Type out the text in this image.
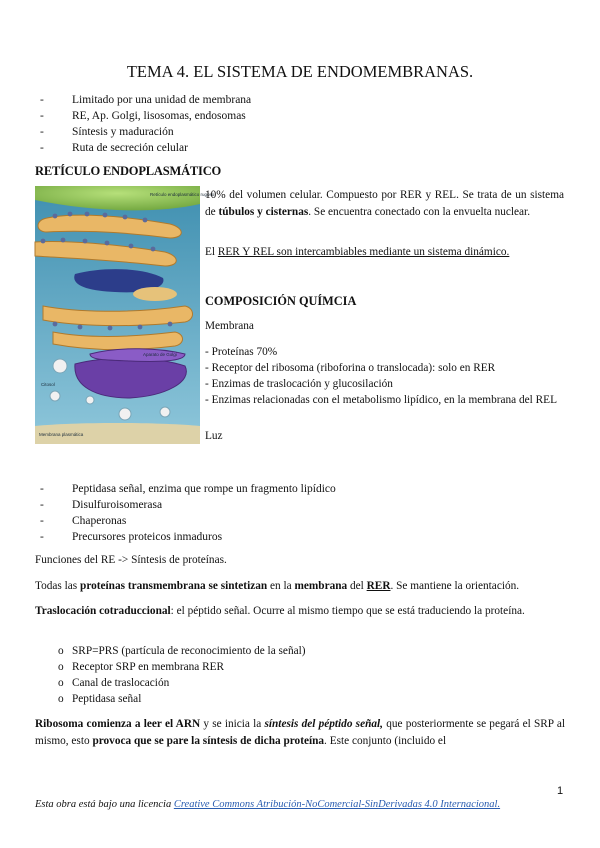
TEMA 4. EL SISTEMA DE ENDOMEMBRANAS.
- Limitado por una unidad de membrana
- RE, Ap. Golgi, lisosomas, endosomas
- Síntesis y maduración
- Ruta de secreción celular
RETÍCULO ENDOPLASMÁTICO
Retículo endoplasmático rugoso
Aparato de Golgi
Citosol
Membrana plasmática
10% del volumen celular. Compuesto por RER y REL. Se trata de un sistema de túbulos y cisternas. Se encuentra conectado con la envuelta nuclear.
El RER Y REL son intercambiables mediante un sistema dinámico.
COMPOSICIÓN QUÍMCIA
Membrana
- Proteínas 70%
- Receptor del ribosoma (riboforina o translocada): solo en RER
- Enzimas de traslocación y glucosilación
- Enzimas relacionadas con el metabolismo lipídico, en la membrana del REL
Luz
- Peptidasa señal, enzima que rompe un fragmento lipídico
- Disulfuroisomerasa
- Chaperonas
- Precursores proteicos inmaduros
Funciones del RE -> Síntesis de proteínas.
Todas las proteínas transmembrana se sintetizan en la membrana del RER. Se mantiene la orientación.
Traslocación cotraduccional: el péptido señal. Ocurre al mismo tiempo que se está traduciendo la proteína.
o SRP=PRS (partícula de reconocimiento de la señal)
o Receptor SRP en membrana RER
o Canal de traslocación
o Peptidasa señal
Ribosoma comienza a leer el ARN y se inicia la síntesis del péptido señal, que posteriormente se pegará el SRP al mismo, esto provoca que se pare la síntesis de dicha proteína. Este conjunto (incluido el
1
Esta obra está bajo una licencia Creative Commons Atribución-NoComercial-SinDerivadas 4.0 Internacional.
